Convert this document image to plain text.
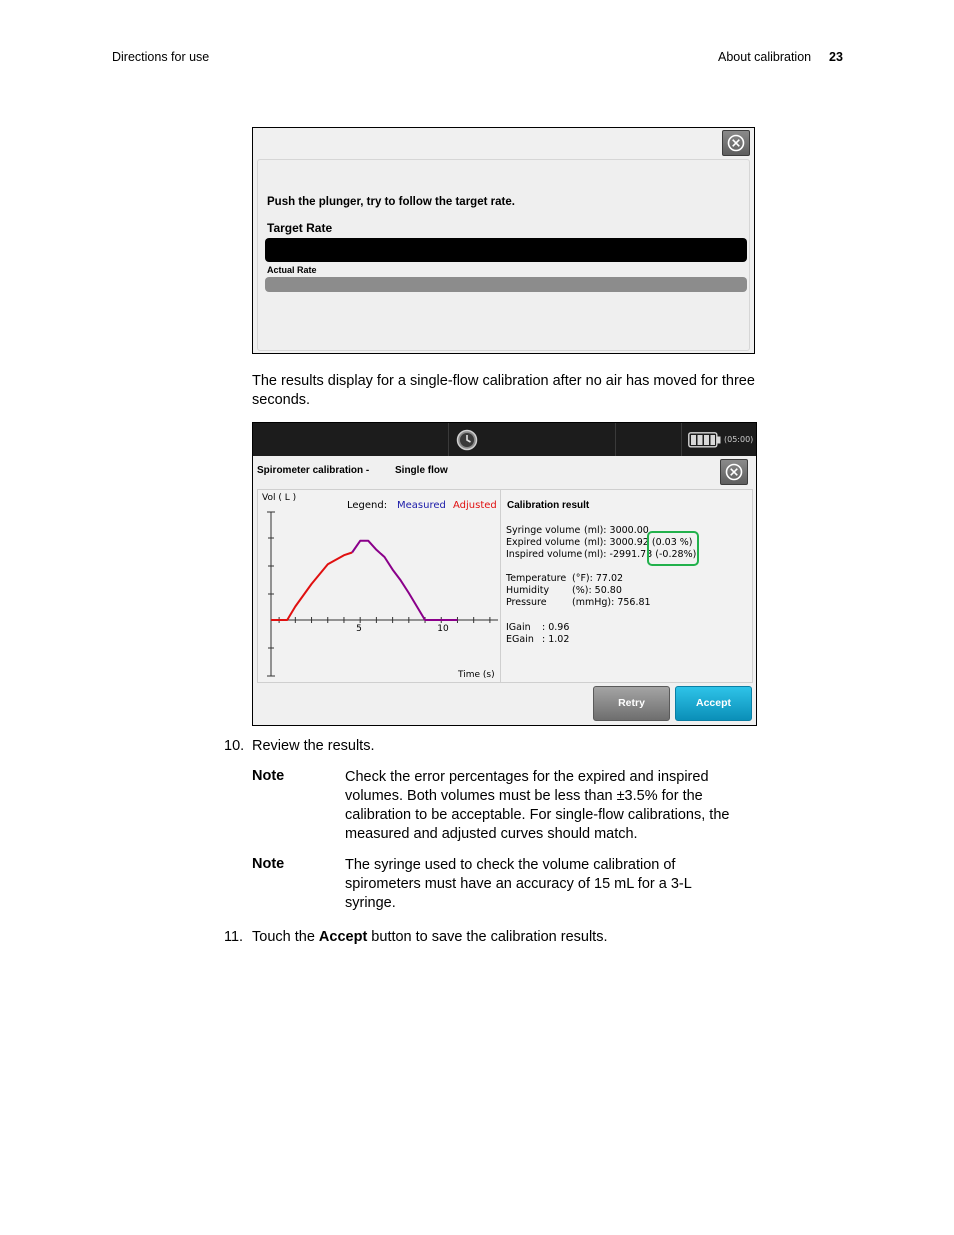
Directions for use	About calibration 23
Push the plunger, try to follow the target rate.
Target Rate
Actual Rate
The results display for a single-flow calibration after no air has moved for three seconds.
(05:00)
Spirometer calibration -	Single flow
Vol ( L )
Legend: Measured Adjusted
5	10
Time (s)
Calibration result
Syringe volume (ml): 3000.00
Expired volume (ml): 3000.92 (0.03 %)
Inspired volume (ml): -2991.73 (-0.28%)
Temperature (°F): 77.02
Humidity (%): 50.80
Pressure	(mmHg): 756.81
IGain : 0.96
EGain : 1.02
Retry	Accept
10. Review the results.
Note	Check the error percentages for the expired and inspired volumes. Both volumes must be less than ±3.5% for the calibration to be acceptable. For single-flow calibrations, the measured and adjusted curves should match.
Note	The syringe used to check the volume calibration of spirometers must have an accuracy of 15 mL for a 3-L syringe.
11. Touch the Accept button to save the calibration results.
